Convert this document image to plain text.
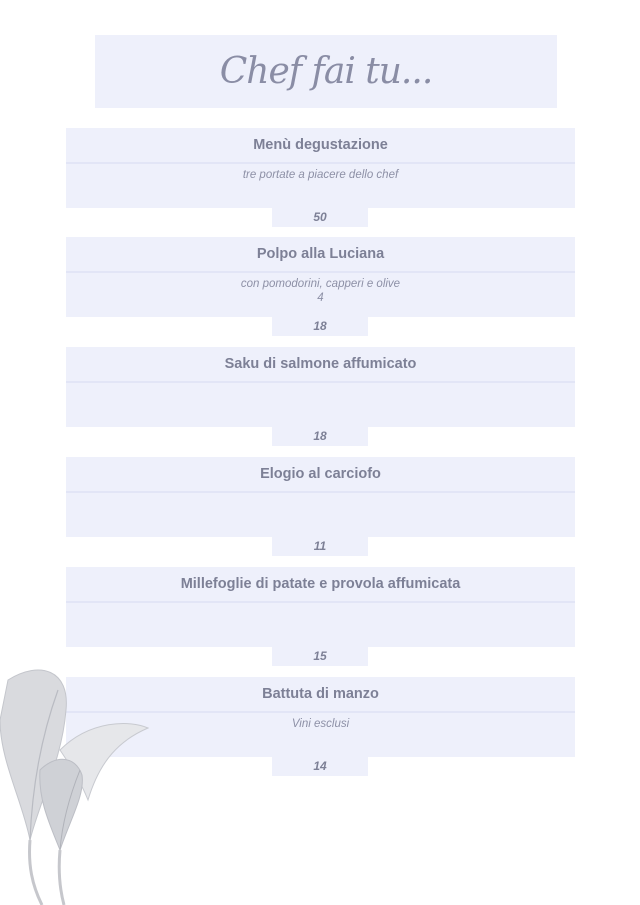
Chef fai tu...
Menù degustazione
tre portate a piacere dello chef
50
Polpo alla Luciana
con pomodorini, capperi e olive
4
18
Saku di salmone affumicato
18
Elogio al carciofo
11
Millefoglie di patate e provola affumicata
15
Battuta di manzo
Vini esclusi
14
